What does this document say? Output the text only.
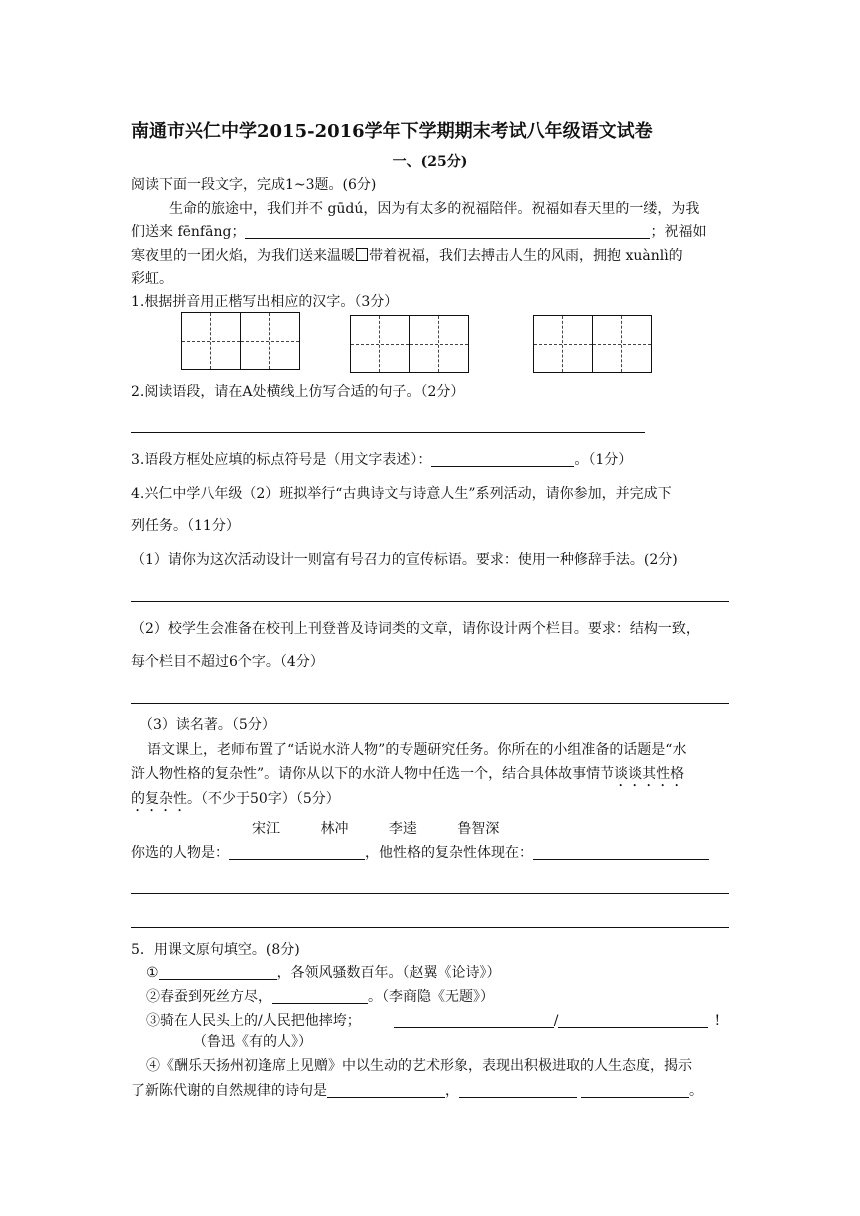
南通市兴仁中学2015-2016学年下学期期末考试八年级语文试卷
一、(25分)
阅读下面一段文字，完成1~3题。(6分)
生命的旅途中，我们并不 gūdú，因为有太多的祝福陪伴。祝福如春天里的一缕，为我
们送来 fēnfāng；	；祝福如
寒夜里的一团火焰，为我们送来温暖 带着祝福，我们去搏击人生的风雨，拥抱 xuànlì的
彩虹。
1.根据拼音用正楷写出相应的汉字。（3分）
2.阅读语段，请在A处横线上仿写合适的句子。（2分）
3.语段方框处应填的标点符号是（用文字表述）：	。（1分）
4.兴仁中学八年级（2）班拟举行“古典诗文与诗意人生”系列活动，请你参加，并完成下
列任务。（11分）
（1）请你为这次活动设计一则富有号召力的宣传标语。要求：使用一种修辞手法。(2分)
（2）校学生会准备在校刊上刊登普及诗词类的文章，请你设计两个栏目。要求：结构一致，
每个栏目不超过6个字。（4分）
（3）读名著。（5分）
语文课上，老师布置了“话说水浒人物”的专题研究任务。你所在的小组准备的话题是“水
浒人物性格的复杂性”。请你从以下的水浒人物中任选一个，结合具体故事情节谈谈其性格
的复杂性。（不少于50字）（5分）
宋江	林冲	李逵	鲁智深
你选的人物是：	，他性格的复杂性体现在：
5．用课文原句填空。(8分)
①	，各领风骚数百年。（赵翼《论诗》）
②春蚕到死丝方尽，	。（李商隐《无题》）
③骑在人民头上的/人民把他摔垮；	/	!
（鲁迅《有的人》）
④《酬乐天扬州初逢席上见赠》中以生动的艺术形象，表现出积极进取的人生态度，揭示
了新陈代谢的自然规律的诗句是	，	。
